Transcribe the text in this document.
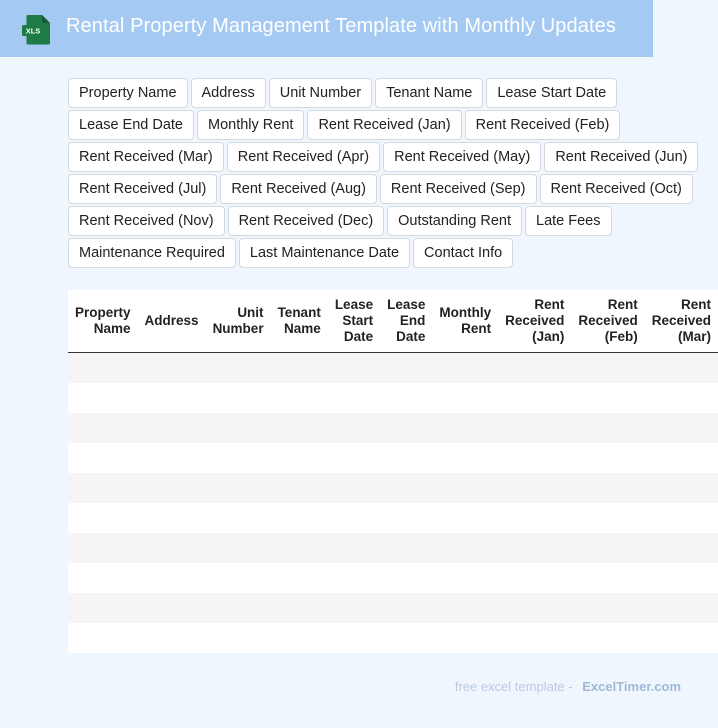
XLS Rental Property Management Template with Monthly Updates
Property Name	Address	Unit Number	Tenant Name	Lease Start Date
Lease End Date	Monthly Rent	Rent Received (Jan)	Rent Received (Feb)
Rent Received (Mar)	Rent Received (Apr)	Rent Received (May)	Rent Received (Jun)
Rent Received (Jul)	Rent Received (Aug)	Rent Received (Sep)	Rent Received (Oct)
Rent Received (Nov)	Rent Received (Dec)	Outstanding Rent	Late Fees
Maintenance Required	Last Maintenance Date	Contact Info
Property Name	Address	Unit Number	Tenant Name	Lease Start Date	Lease End Date	Monthly Rent	Rent Received (Jan)	Rent Received (Feb)	Rent Received (Mar)

free excel template - ExcelTimer.com
